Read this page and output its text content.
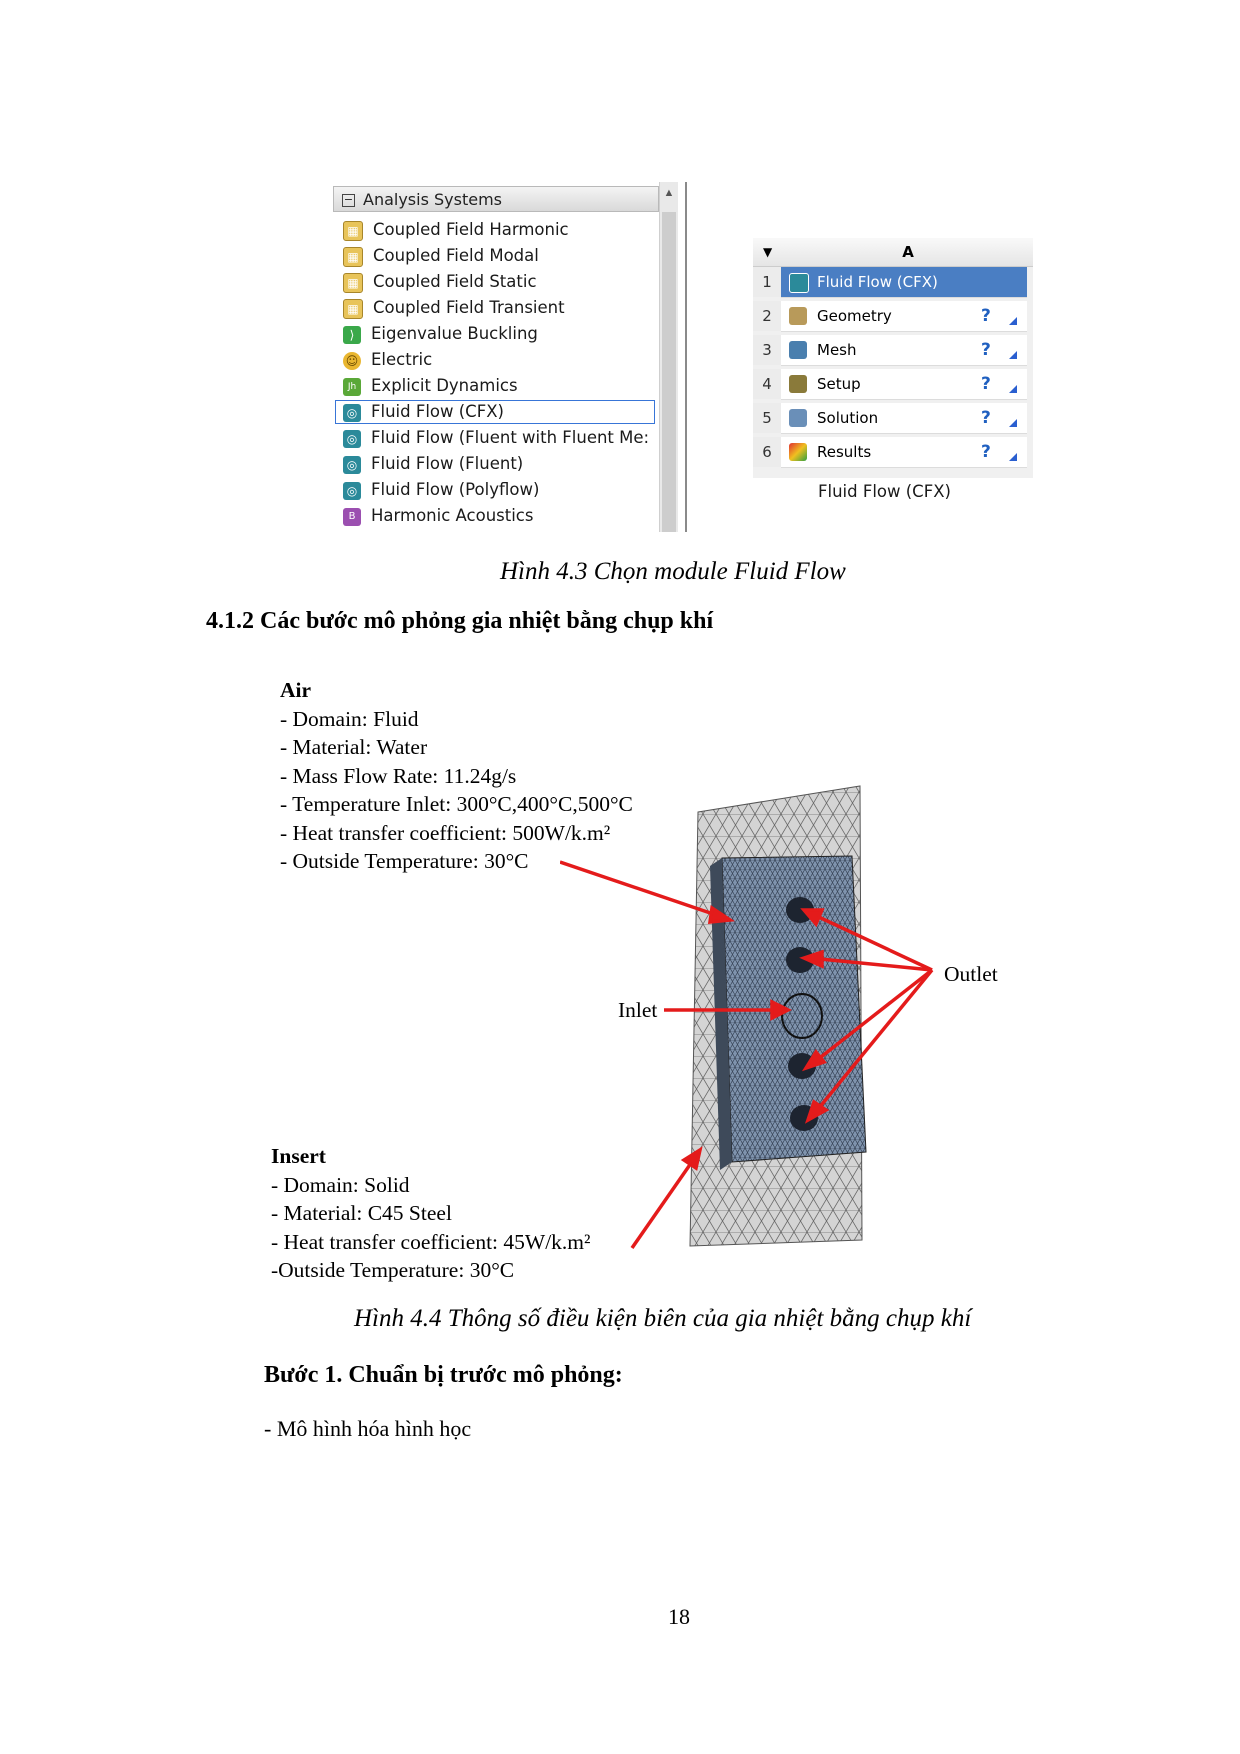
− Analysis Systems	▲
▦ Coupled Field Harmonic
▦ Coupled Field Modal
▦ Coupled Field Static
▦ Coupled Field Transient
⟩ Eigenvalue Buckling
☺ Electric
Jh Explicit Dynamics
◎ Fluid Flow (CFX)
◎ Fluid Flow (Fluent with Fluent Me:
◎ Fluid Flow (Fluent)
◎ Fluid Flow (Polyflow)
B Harmonic Acoustics
▼	A
1	Fluid Flow (CFX)
2	Geometry	?
3	Mesh	?
4	Setup	?
5	Solution	?
6	Results	?
Fluid Flow (CFX)
Hình 4.3 Chọn module Fluid Flow
4.1.2 Các bước mô phỏng gia nhiệt bằng chụp khí
Air
- Domain: Fluid
- Material: Water
- Mass Flow Rate: 11.24g/s
- Temperature Inlet: 300°C,400°C,500°C
- Heat transfer coefficient: 500W/k.m²
- Outside Temperature: 30°C
Outlet
Inlet
Insert
- Domain: Solid
- Material: C45 Steel
- Heat transfer coefficient: 45W/k.m²
-Outside Temperature: 30°C
Hình 4.4 Thông số điều kiện biên của gia nhiệt bằng chụp khí
Bước 1. Chuẩn bị trước mô phỏng:
- Mô hình hóa hình học
18
